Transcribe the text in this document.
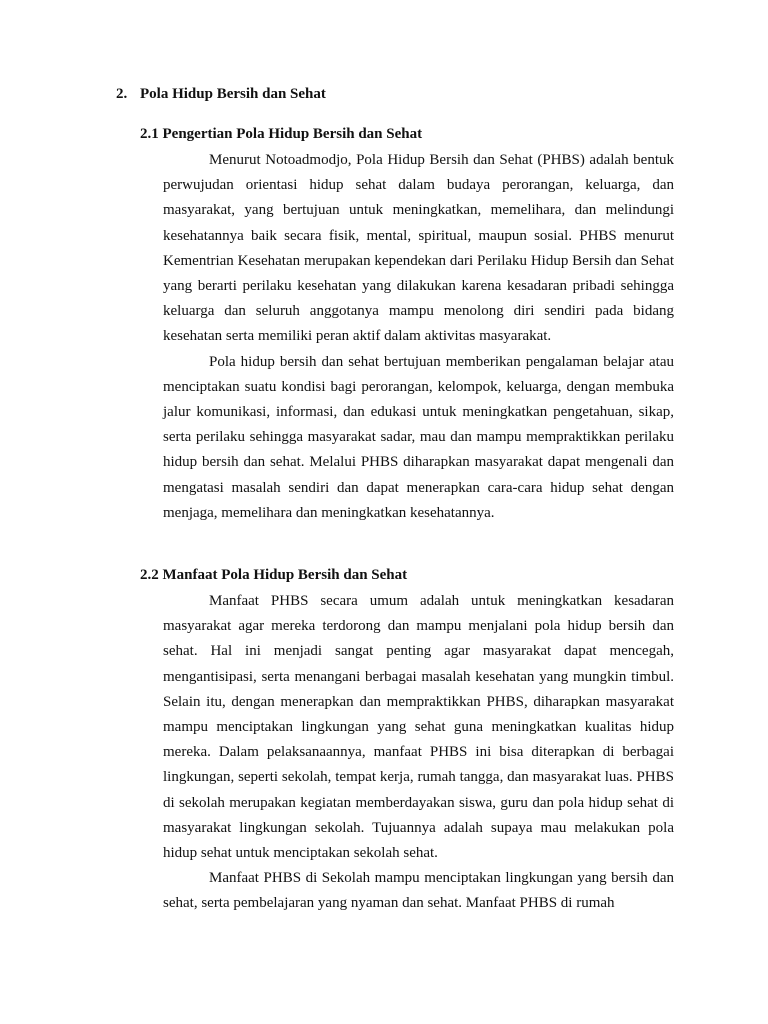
2. Pola Hidup Bersih dan Sehat
2.1 Pengertian Pola Hidup Bersih dan Sehat

Menurut Notoadmodjo, Pola Hidup Bersih dan Sehat (PHBS) adalah bentuk perwujudan orientasi hidup sehat dalam budaya perorangan, keluarga, dan masyarakat, yang bertujuan untuk meningkatkan, memelihara, dan melindungi kesehatannya baik secara fisik, mental, spiritual, maupun sosial. PHBS menurut Kementrian Kesehatan merupakan kependekan dari Perilaku Hidup Bersih dan Sehat yang berarti perilaku kesehatan yang dilakukan karena kesadaran pribadi sehingga keluarga dan seluruh anggotanya mampu menolong diri sendiri pada bidang kesehatan serta memiliki peran aktif dalam aktivitas masyarakat.

Pola hidup bersih dan sehat bertujuan memberikan pengalaman belajar atau menciptakan suatu kondisi bagi perorangan, kelompok, keluarga, dengan membuka jalur komunikasi, informasi, dan edukasi untuk meningkatkan pengetahuan, sikap, serta perilaku sehingga masyarakat sadar, mau dan mampu mempraktikkan perilaku hidup bersih dan sehat. Melalui PHBS diharapkan masyarakat dapat mengenali dan mengatasi masalah sendiri dan dapat menerapkan cara-cara hidup sehat dengan menjaga, memelihara dan meningkatkan kesehatannya.

2.2 Manfaat Pola Hidup Bersih dan Sehat

Manfaat PHBS secara umum adalah untuk meningkatkan kesadaran masyarakat agar mereka terdorong dan mampu menjalani pola hidup bersih dan sehat. Hal ini menjadi sangat penting agar masyarakat dapat mencegah, mengantisipasi, serta menangani berbagai masalah kesehatan yang mungkin timbul. Selain itu, dengan menerapkan dan mempraktikkan PHBS, diharapkan masyarakat mampu menciptakan lingkungan yang sehat guna meningkatkan kualitas hidup mereka. Dalam pelaksanaannya, manfaat PHBS ini bisa diterapkan di berbagai lingkungan, seperti sekolah, tempat kerja, rumah tangga, dan masyarakat luas. PHBS di sekolah merupakan kegiatan memberdayakan siswa, guru dan pola hidup sehat di masyarakat lingkungan sekolah. Tujuannya adalah supaya mau melakukan pola hidup sehat untuk menciptakan sekolah sehat.

Manfaat PHBS di Sekolah mampu menciptakan lingkungan yang bersih dan sehat, serta pembelajaran yang nyaman dan sehat. Manfaat PHBS di rumah
